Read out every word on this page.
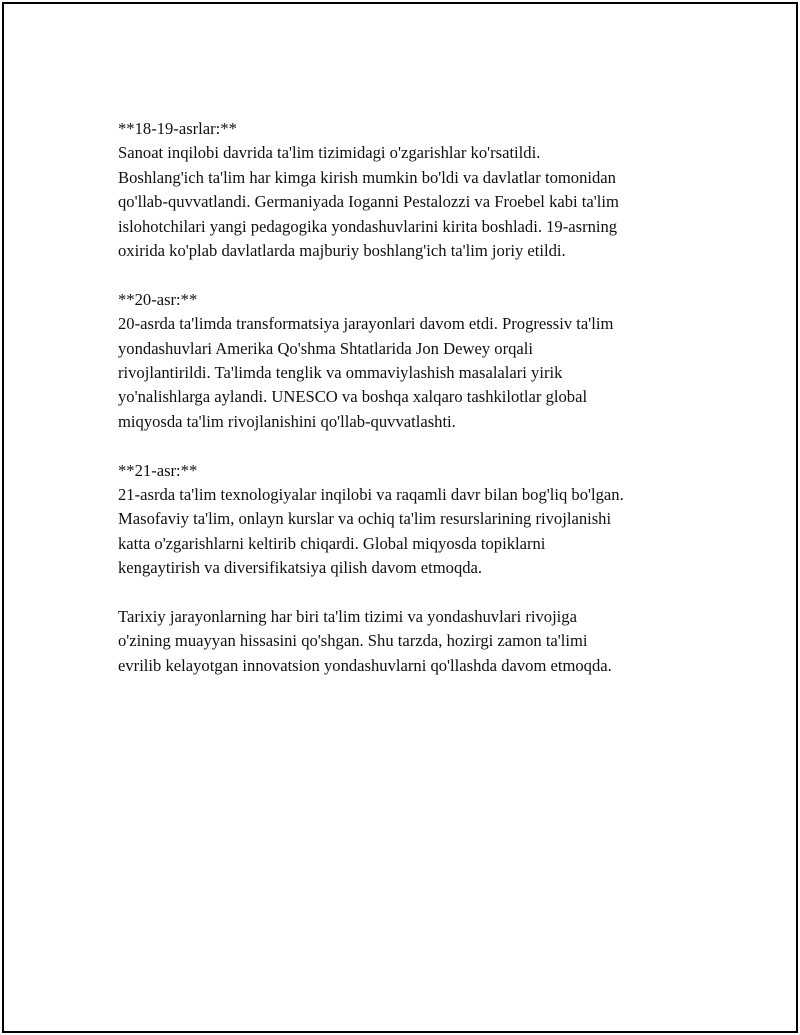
**18-19-asrlar:**
Sanoat inqilobi davrida ta'lim tizimidagi o'zgarishlar ko'rsatildi.
Boshlang'ich ta'lim har kimga kirish mumkin bo'ldi va davlatlar tomonidan
qo'llab-quvvatlandi. Germaniyada Ioganni Pestalozzi va Froebel kabi ta'lim
islohotchilari yangi pedagogika yondashuvlarini kirita boshladi. 19-asrning
oxirida ko'plab davlatlarda majburiy boshlang'ich ta'lim joriy etildi.
**20-asr:**
20-asrda ta'limda transformatsiya jarayonlari davom etdi. Progressiv ta'lim
yondashuvlari Amerika Qo'shma Shtatlarida Jon Dewey orqali
rivojlantirildi. Ta'limda tenglik va ommaviylashish masalalari yirik
yo'nalishlarga aylandi. UNESCO va boshqa xalqaro tashkilotlar global
miqyosda ta'lim rivojlanishini qo'llab-quvvatlashti.
**21-asr:**
21-asrda ta'lim texnologiyalar inqilobi va raqamli davr bilan bog'liq bo'lgan.
Masofaviy ta'lim, onlayn kurslar va ochiq ta'lim resurslarining rivojlanishi
katta o'zgarishlarni keltirib chiqardi. Global miqyosda topiklarni
kengaytirish va diversifikatsiya qilish davom etmoqda.
Tarixiy jarayonlarning har biri ta'lim tizimi va yondashuvlari rivojiga
o'zining muayyan hissasini qo'shgan. Shu tarzda, hozirgi zamon ta'limi
evrilib kelayotgan innovatsion yondashuvlarni qo'llashda davom etmoqda.
